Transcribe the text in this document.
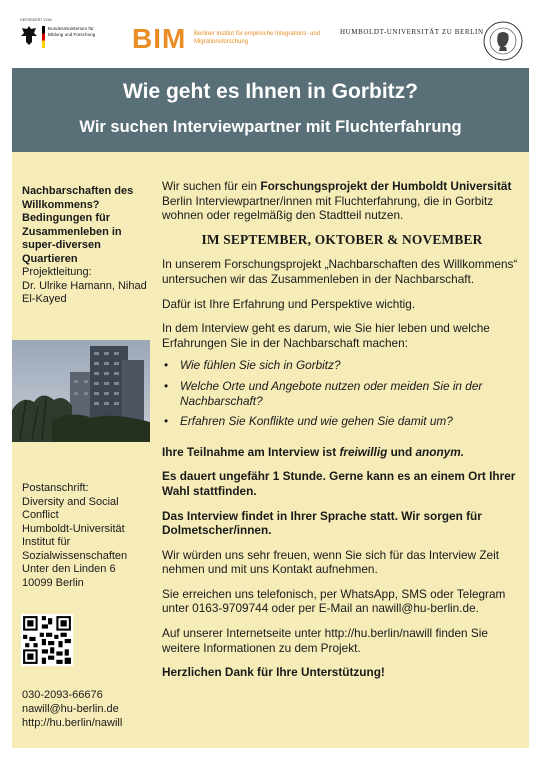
GEFÖRDERT VOM
Bundesministerium für Bildung und Forschung	BIM Berliner Institut für empirische Integrations- und Migrationsforschung
HUMBOLDT-UNIVERSITÄT ZU BERLIN
Wie geht es Ihnen in Gorbitz?
Wir suchen Interviewpartner mit Fluchterfahrung
Nachbarschaften des Willkommens? Bedingungen für Zusammenleben in super-diversen Quartieren
Projektleitung:
Dr. Ulrike Hamann, Nihad El-Kayed
Postanschrift:
Diversity and Social Conflict
Humboldt-Universität
Institut für Sozialwissenschaften
Unter den Linden 6
10099 Berlin
030-2093-66676
nawill@hu-berlin.de
http://hu.berlin/nawill

Wir suchen für ein Forschungsprojekt der Humboldt Universität Berlin Interviewpartner/innen mit Fluchterfahrung, die in Gorbitz wohnen oder regelmäßig den Stadtteil nutzen.

IM SEPTEMBER, OKTOBER & NOVEMBER

In unserem Forschungsprojekt „Nachbarschaften des Willkommens“ untersuchen wir das Zusammenleben in der Nachbarschaft.

Dafür ist Ihre Erfahrung und Perspektive wichtig.

In dem Interview geht es darum, wie Sie hier leben und welche Erfahrungen Sie in der Nachbarschaft machen:

• Wie fühlen Sie sich in Gorbitz?
• Welche Orte und Angebote nutzen oder meiden Sie in der Nachbarschaft?
• Erfahren Sie Konflikte und wie gehen Sie damit um?

Ihre Teilnahme am Interview ist freiwillig und anonym.

Es dauert ungefähr 1 Stunde. Gerne kann es an einem Ort Ihrer Wahl stattfinden.

Das Interview findet in Ihrer Sprache statt. Wir sorgen für Dolmetscher/innen.

Wir würden uns sehr freuen, wenn Sie sich für das Interview Zeit nehmen und mit uns Kontakt aufnehmen.

Sie erreichen uns telefonisch, per WhatsApp, SMS oder Telegram unter 0163-9709744 oder per E-Mail an nawill@hu-berlin.de.

Auf unserer Internetseite unter http://hu.berlin/nawill finden Sie weitere Informationen zu dem Projekt.

Herzlichen Dank für Ihre Unterstützung!
